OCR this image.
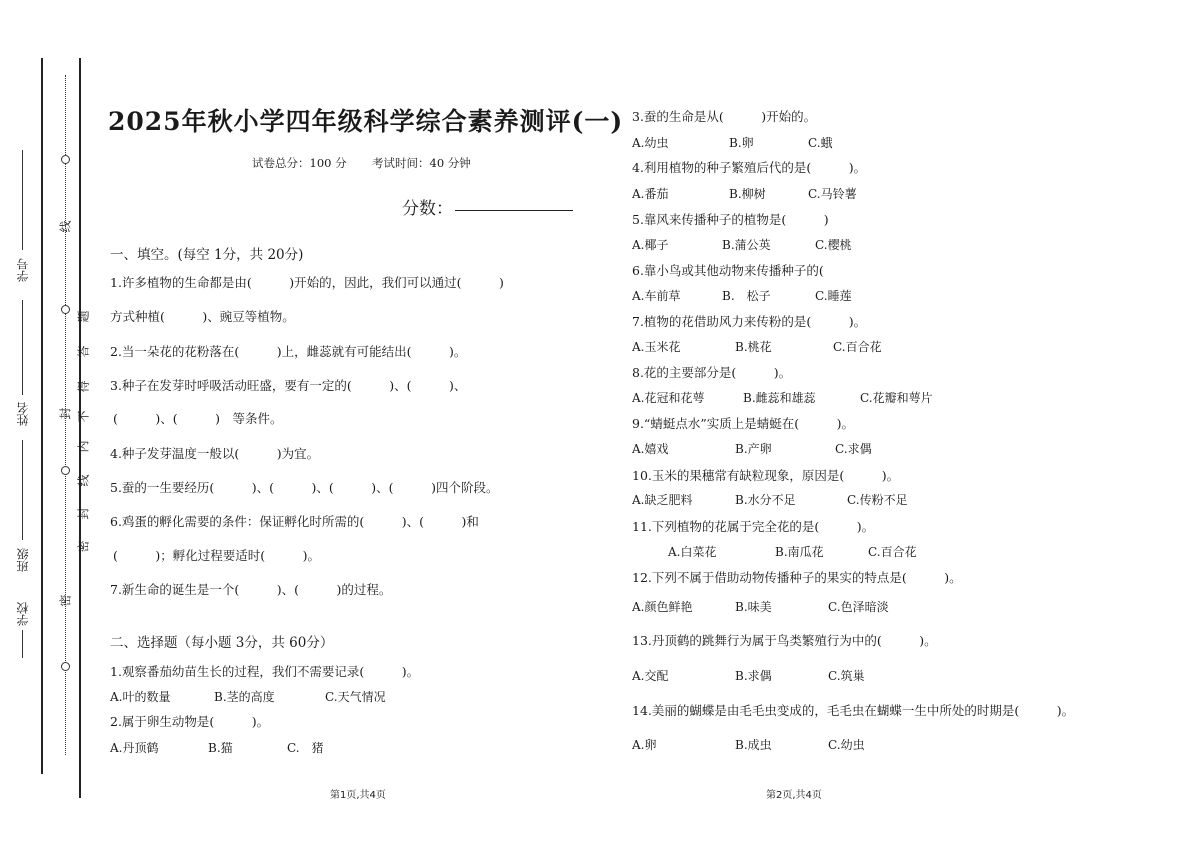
线
封
密
题
答
得
不
内
线
封
密
学号
姓名
班级
学校
2025年秋小学四年级科学综合素养测评(一)
试卷总分：100 分 考试时间：40 分钟
分数：
一、填空。(每空 1分，共 20分)
1.许多植物的生命都是由(　　　)开始的，因此，我们可以通过(　　　)
方式种植(　　　)、豌豆等植物。
2.当一朵花的花粉落在(　　　)上，雌蕊就有可能结出(　　　)。
3.种子在发芽时呼吸活动旺盛，要有一定的(　　　)、(　　　)、
(　　　)、(　　　)　等条件。
4.种子发芽温度一般以(　　　)为宜。
5.蚕的一生要经历(　　　)、(　　　)、(　　　)、(　　　)四个阶段。
6.鸡蛋的孵化需要的条件：保证孵化时所需的(　　　)、(　　　)和
(　　　)；孵化过程要适时(　　　)。
7.新生命的诞生是一个(　　　)、(　　　)的过程。
二、选择题（每小题 3分，共 60分）
1.观察番茄幼苗生长的过程，我们不需要记录(　　　)。
A.叶的数量	B.茎的高度	C.天气情况
2.属于卵生动物是(　　　)。
A.丹顶鹤	B.猫	C.　猪
第1页,共4页
3.蚕的生命是从(　　　)开始的。
A.幼虫	B.卵	C.蛾
4.利用植物的种子繁殖后代的是(　　　)。
A.番茄	B.柳树	C.马铃薯
5.靠风来传播种子的植物是(　　　)
A.椰子	B.蒲公英	C.樱桃
6.靠小鸟或其他动物来传播种子的(
A.车前草	B.　松子	C.睡莲
7.植物的花借助风力来传粉的是(　　　)。
A.玉米花	B.桃花	C.百合花
8.花的主要部分是(　　　)。
A.花冠和花萼	B.雌蕊和雄蕊	C.花瓣和萼片
9.“蜻蜓点水”实质上是蜻蜓在(　　　)。
A.嬉戏	B.产卵	C.求偶
10.玉米的果穗常有缺粒现象，原因是(　　　)。
A.缺乏肥料	B.水分不足	C.传粉不足
11.下列植物的花属于完全花的是(　　　)。
A.白菜花	B.南瓜花	C.百合花
12.下列不属于借助动物传播种子的果实的特点是(　　　)。
A.颜色鲜艳	B.味美	C.色泽暗淡
13.丹顶鹤的跳舞行为属于鸟类繁殖行为中的(　　　)。
A.交配	B.求偶	C.筑巢
14.美丽的蝴蝶是由毛毛虫变成的，毛毛虫在蝴蝶一生中所处的时期是(　　　)。
A.卵	B.成虫	C.幼虫
第2页,共4页
